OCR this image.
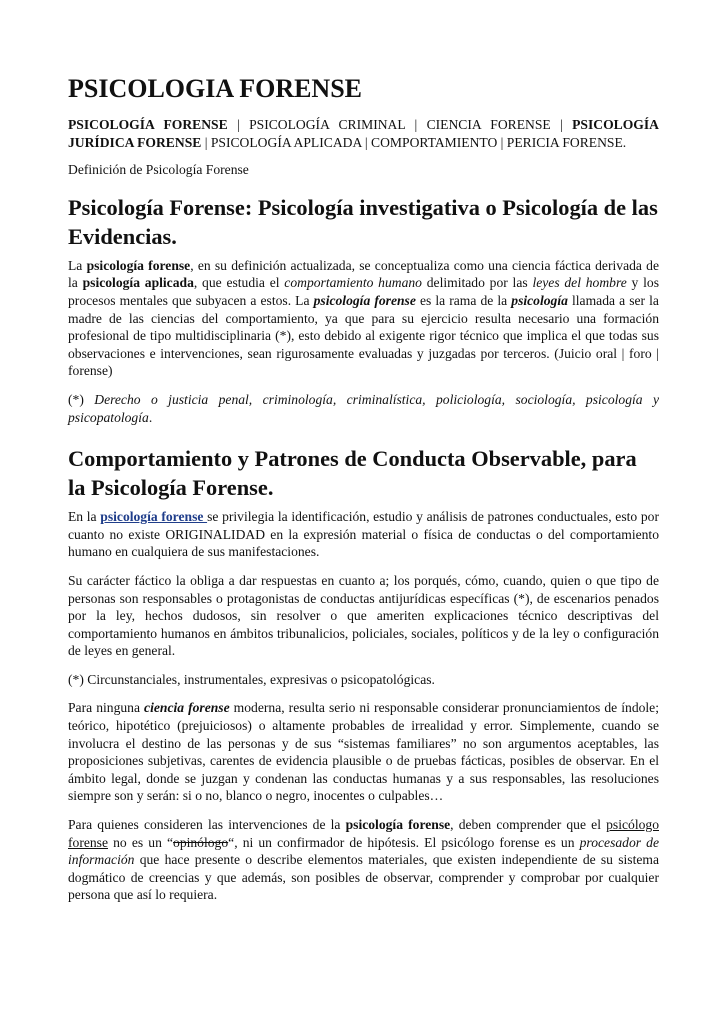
PSICOLOGIA FORENSE

PSICOLOGÍA FORENSE | PSICOLOGÍA CRIMINAL | CIENCIA FORENSE | PSICOLOGÍA JURÍDICA FORENSE | PSICOLOGÍA APLICADA | COMPORTAMIENTO | PERICIA FORENSE.

Definición de Psicología Forense

Psicología Forense: Psicología investigativa o Psicología de las Evidencias.

La psicología forense, en su definición actualizada, se conceptualiza como una ciencia fáctica derivada de la psicología aplicada, que estudia el comportamiento humano delimitado por las leyes del hombre y los procesos mentales que subyacen a estos. La psicología forense es la rama de la psicología llamada a ser la madre de las ciencias del comportamiento, ya que para su ejercicio resulta necesario una formación profesional de tipo multidisciplinaria (*), esto debido al exigente rigor técnico que implica el que todas sus observaciones e intervenciones, sean rigurosamente evaluadas y juzgadas por terceros. (Juicio oral | foro | forense)

(*) Derecho o justicia penal, criminología, criminalística, policiología, sociología, psicología y psicopatología.

Comportamiento y Patrones de Conducta Observable, para la Psicología Forense.

En la psicología forense se privilegia la identificación, estudio y análisis de patrones conductuales, esto por cuanto no existe ORIGINALIDAD en la expresión material o física de conductas o del comportamiento humano en cualquiera de sus manifestaciones.

Su carácter fáctico la obliga a dar respuestas en cuanto a; los porqués, cómo, cuando, quien o que tipo de personas son responsables o protagonistas de conductas antijurídicas específicas (*), de escenarios penados por la ley, hechos dudosos, sin resolver o que ameriten explicaciones técnico descriptivas del comportamiento humanos en ámbitos tribunalicios, policiales, sociales, políticos y de la ley o configuración de leyes en general.

(*) Circunstanciales, instrumentales, expresivas o psicopatológicas.

Para ninguna ciencia forense moderna, resulta serio ni responsable considerar pronunciamientos de índole; teórico, hipotético (prejuiciosos) o altamente probables de irrealidad y error. Simplemente, cuando se involucra el destino de las personas y de sus “sistemas familiares” no son argumentos aceptables, las proposiciones subjetivas, carentes de evidencia plausible o de pruebas fácticas, posibles de observar. En el ámbito legal, donde se juzgan y condenan las conductas humanas y a sus responsables, las resoluciones siempre son y serán: si o no, blanco o negro, inocentes o culpables…

Para quienes consideren las intervenciones de la psicología forense, deben comprender que el psicólogo forense no es un “opinólogo“, ni un confirmador de hipótesis. El psicólogo forense es un procesador de información que hace presente o describe elementos materiales, que existen independiente de su sistema dogmático de creencias y que además, son posibles de observar, comprender y comprobar por cualquier persona que así lo requiera.
